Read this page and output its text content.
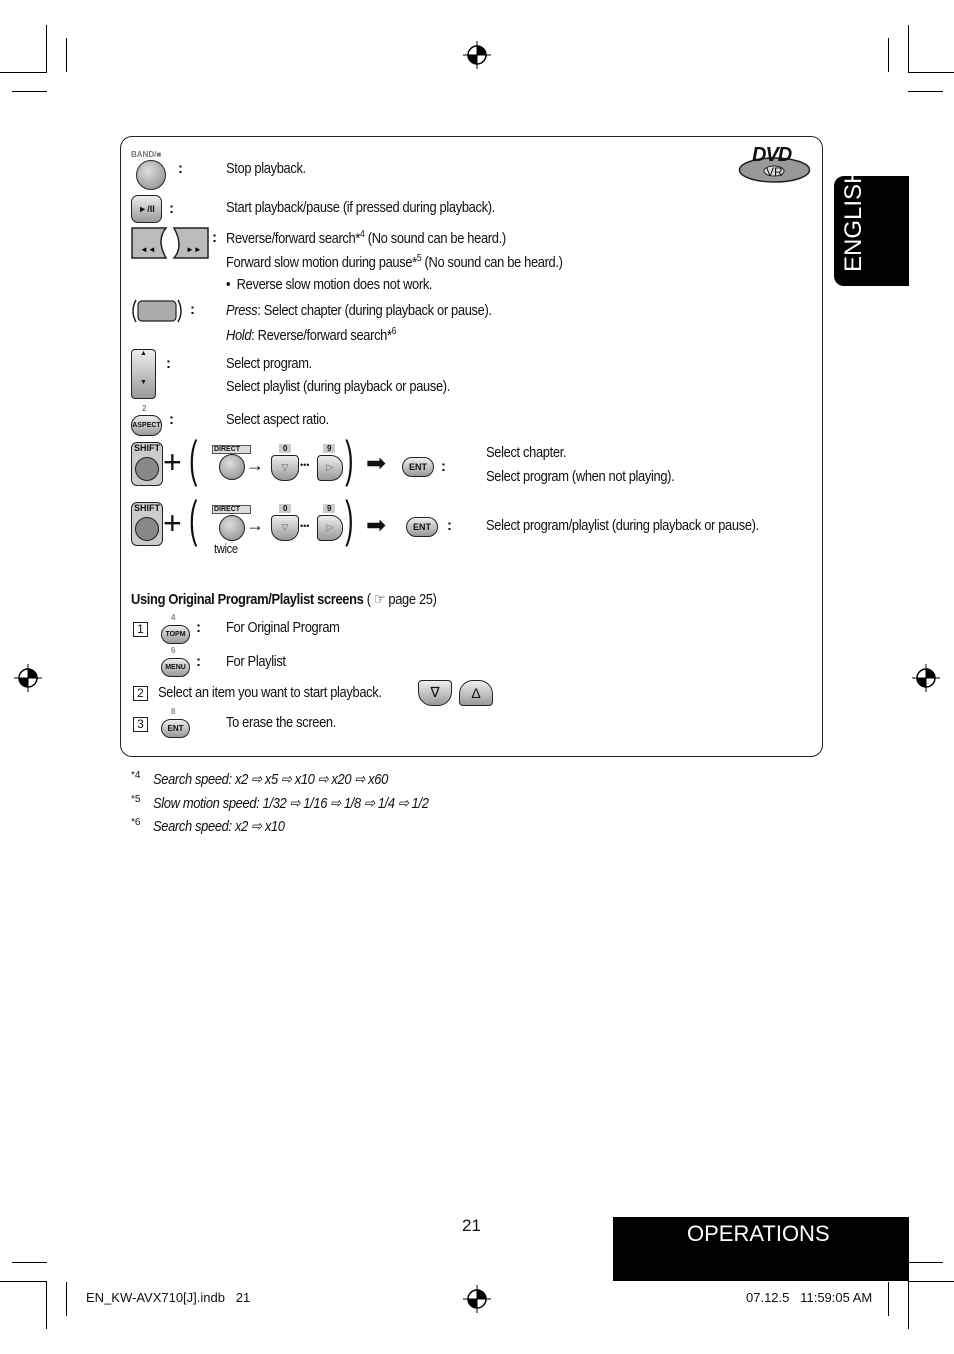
ENGLISH
DVD
VR
BAND/■
:	Stop playback.
►/II :	Start playback/pause (if pressed during playback).
◄◄	►►
: Reverse/forward search*$^4$ (No sound can be heard.)
Forward slow motion during pause*$^5$ (No sound can be heard.)
•  Reverse slow motion does not work.
: Press: Select chapter (during playback or pause).
Hold: Reverse/forward search*$^6$
▲
▼
:	Select program.
Select playlist (during playback or pause).
2
ASPECT :	Select aspect ratio.
SHIFT + ( DIRECT
→
0
▽	•••
9
▷ ) ➡	ENT :
Select chapter.
Select program (when not playing).
SHIFT + ( DIRECT
→
0
▽	•••
9
▷ )
twice
➡	ENT	: Select program/playlist (during playback or pause).
Using Original Program/Playlist screens ( ☞ page 25)
1
4
TOPM : For Original Program
6
MENU : For Playlist
2 Select an item you want to start playback.	∇	Δ
3
8
ENT	To erase the screen.
$^{*4}$ Search speed: x2 ⇨ x5 ⇨ x10 ⇨ x20 ⇨ x60
$^{*5}$ Slow motion speed: 1/32 ⇨ 1/16 ⇨ 1/8 ⇨ 1/4 ⇨ 1/2
$^{*6}$ Search speed: x2 ⇨ x10
21	OPERATIONS
EN_KW-AVX710[J].indb   21	07.12.5   11:59:05 AM
